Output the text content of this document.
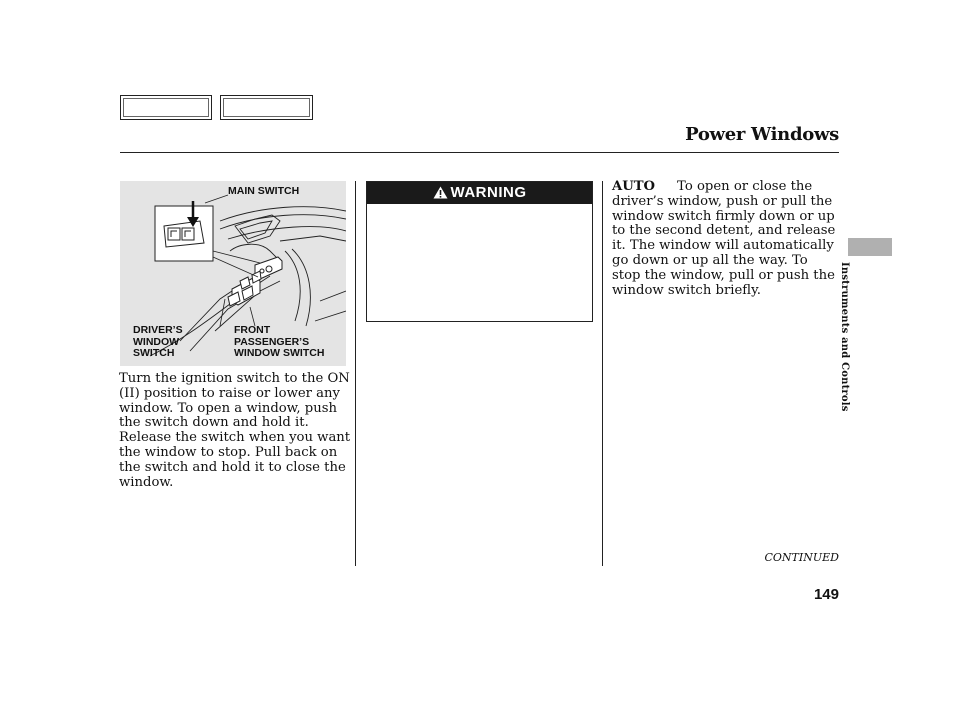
Power Windows
MAIN SWITCH
DRIVER’S
WINDOW
SWITCH
FRONT
PASSENGER’S
WINDOW SWITCH
Turn the ignition switch to the ON (II) position to raise or lower any window. To open a window, push the switch down and hold it. Release the switch when you want the window to stop. Pull back on the switch and hold it to close the window.
WARNING	AUTO To open or close the driver’s window, push or pull the window switch firmly down or up to the second detent, and release it. The window will automatically go down or up all the way. To stop the window, pull or push the window switch briefly.	Instruments and Controls
CONTINUED
149
